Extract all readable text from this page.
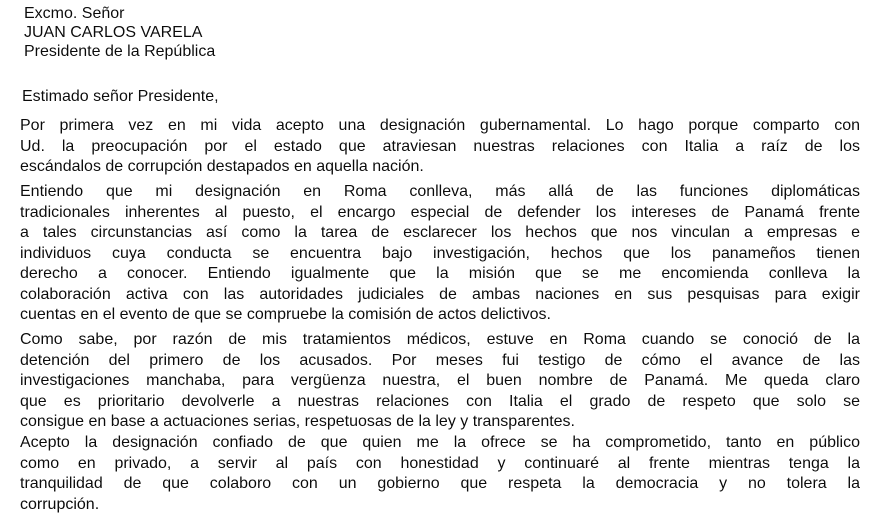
Excmo. Señor
JUAN CARLOS VARELA
Presidente de la República
Estimado señor Presidente,
Por primera vez en mi vida acepto una designación gubernamental. Lo hago porque comparto con
Ud. la preocupación por el estado que atraviesan nuestras relaciones con Italia a raíz de los
escándalos de corrupción destapados en aquella nación.
Entiendo que mi designación en Roma conlleva, más allá de las funciones diplomáticas
tradicionales inherentes al puesto, el encargo especial de defender los intereses de Panamá frente
a tales circunstancias así como la tarea de esclarecer los hechos que nos vinculan a empresas e
individuos cuya conducta se encuentra bajo investigación, hechos que los panameños tienen
derecho a conocer. Entiendo igualmente que la misión que se me encomienda conlleva la
colaboración activa con las autoridades judiciales de ambas naciones en sus pesquisas para exigir
cuentas en el evento de que se compruebe la comisión de actos delictivos.
Como sabe, por razón de mis tratamientos médicos, estuve en Roma cuando se conoció de la
detención del primero de los acusados. Por meses fui testigo de cómo el avance de las
investigaciones manchaba, para vergüenza nuestra, el buen nombre de Panamá. Me queda claro
que es prioritario devolverle a nuestras relaciones con Italia el grado de respeto que solo se
consigue en base a actuaciones serias, respetuosas de la ley y transparentes.
Acepto la designación confiado de que quien me la ofrece se ha comprometido, tanto en público
como en privado, a servir al país con honestidad y continuaré al frente mientras tenga la
tranquilidad de que colaboro con un gobierno que respeta la democracia y no tolera la
corrupción.
